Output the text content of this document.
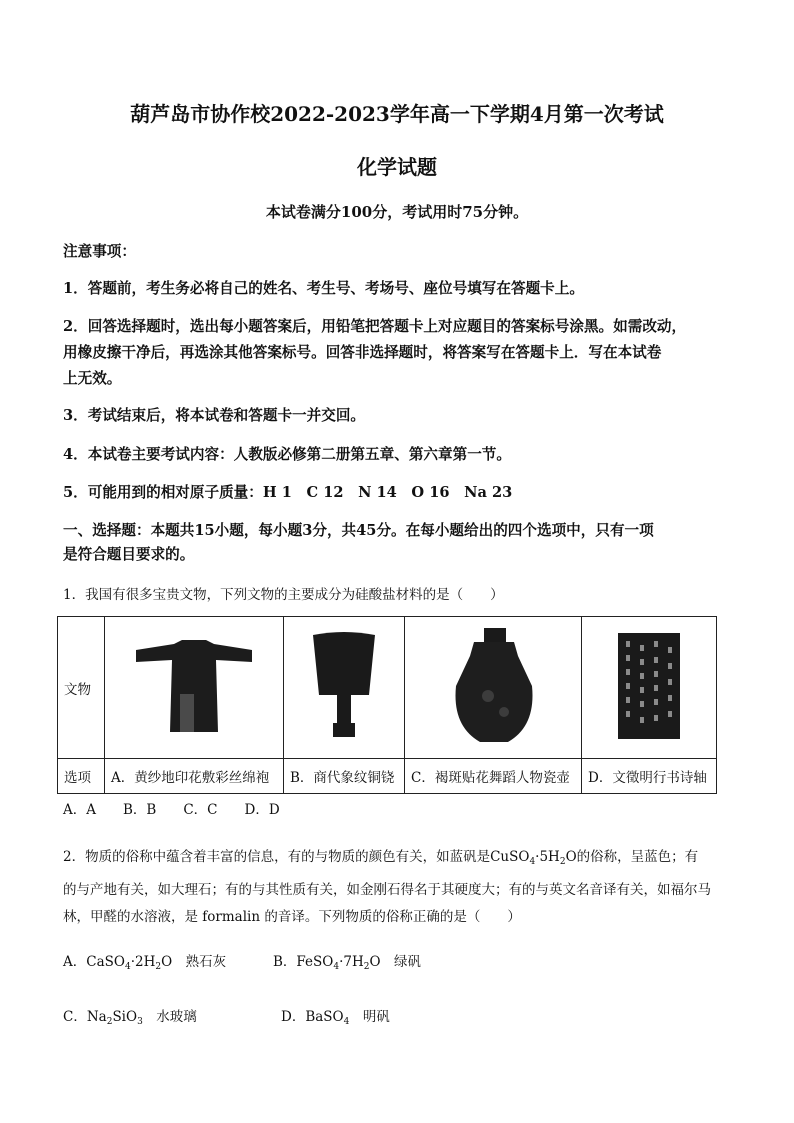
葫芦岛市协作校2022-2023学年高一下学期4月第一次考试
化学试题
本试卷满分100分，考试用时75分钟。
注意事项：
1．答题前，考生务必将自己的姓名、考生号、考场号、座位号填写在答题卡上。
2．回答选择题时，选出每小题答案后，用铅笔把答题卡上对应题目的答案标号涂黑。如需改动，
用橡皮擦干净后，再选涂其他答案标号。回答非选择题时，将答案写在答题卡上．写在本试卷
上无效。
3．考试结束后，将本试卷和答题卡一并交回。
4．本试卷主要考试内容：人教版必修第二册第五章、第六章第一节。
5．可能用到的相对原子质量：H 1　C 12　N 14　O 16　Na 23
一、选择题：本题共15小题，每小题3分，共45分。在每小题给出的四个选项中，只有一项
是符合题目要求的。
1．我国有很多宝贵文物，下列文物的主要成分为硅酸盐材料的是（　　）
文物				
选项	A．黄纱地印花敷彩丝绵袍	B．商代象纹铜铙	C．褐斑贴花舞蹈人物瓷壶	D．文徵明行书诗轴
A．A　　B．B　　C．C　　D．D
2．物质的俗称中蕴含着丰富的信息，有的与物质的颜色有关，如蓝矾是$CuSO_4\cdot 5H_2O$的俗称，呈蓝色；有
的与产地有关，如大理石；有的与其性质有关，如金刚石得名于其硬度大；有的与英文名音译有关，如福尔马
林，甲醛的水溶液，是 formalin 的音译。下列物质的俗称正确的是（　　）
A．$CaSO_4\cdot 2H_2O$　熟石灰	B．$FeSO_4\cdot 7H_2O$　绿矾
C．$Na_2SiO_3$　水玻璃	D．BaSO$_4$　明矾
